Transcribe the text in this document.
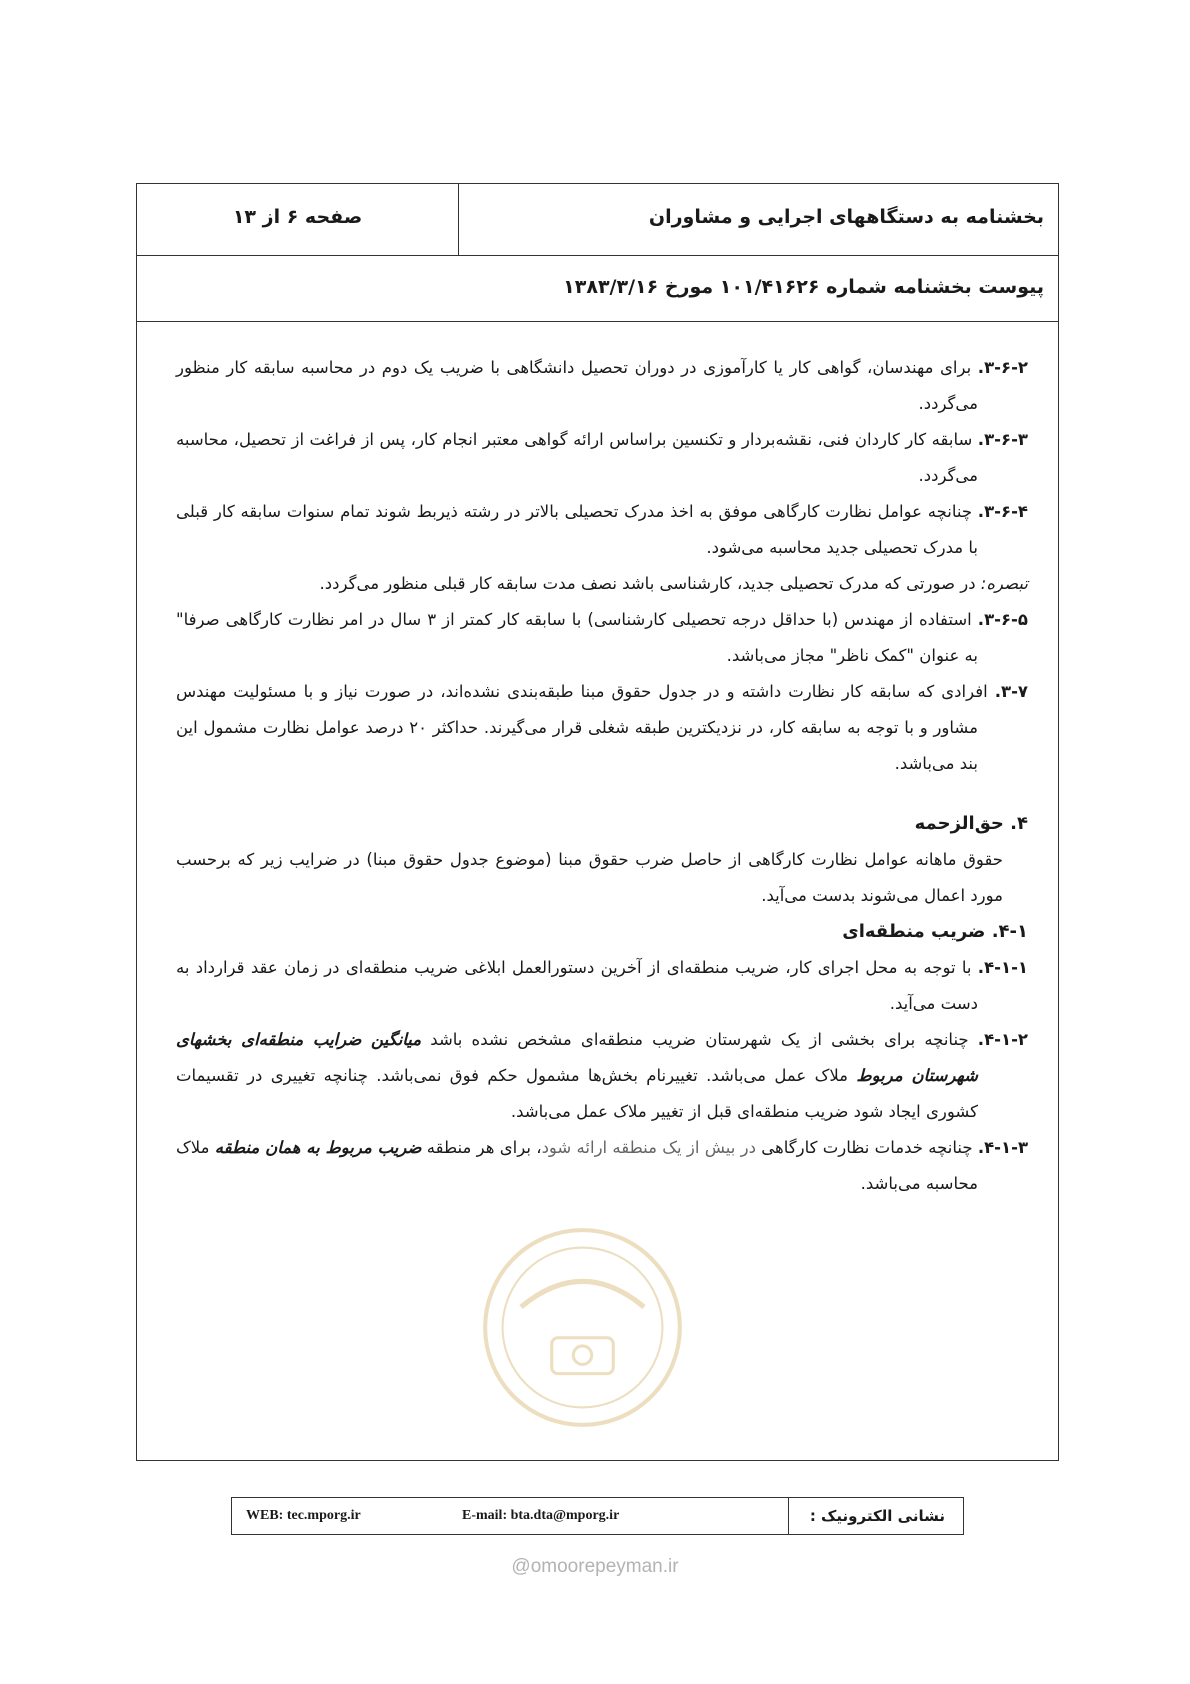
بخشنامه به دستگاههای اجرایی و مشاوران
صفحه ۶ از ۱۳
پیوست بخشنامه شماره ۱۰۱/۴۱۶۲۶ مورخ ۱۳۸۳/۳/۱۶

۳-۶-۲. برای مهندسان، گواهی کار یا کارآموزی در دوران تحصیل دانشگاهی با ضریب یک دوم در محاسبه سابقه کار منظور می‌گردد.

۳-۶-۳. سابقه کار کاردان فنی، نقشه‌بردار و تکنسین براساس ارائه گواهی معتبر انجام کار، پس از فراغت از تحصیل، محاسبه می‌گردد.

۳-۶-۴. چنانچه عوامل نظارت کارگاهی موفق به اخذ مدرک تحصیلی بالاتر در رشته ذیربط شوند تمام سنوات سابقه کار قبلی با مدرک تحصیلی جدید محاسبه می‌شود.

تبصره: در صورتی که مدرک تحصیلی جدید، کارشناسی باشد نصف مدت سابقه کار قبلی منظور می‌گردد.

۳-۶-۵. استفاده از مهندس (با حداقل درجه تحصیلی کارشناسی) با سابقه کار کمتر از ۳ سال در امر نظارت کارگاهی صرفا" به عنوان "کمک ناظر" مجاز می‌باشد.

۳-۷. افرادی که سابقه کار نظارت داشته و در جدول حقوق مبنا طبقه‌بندی نشده‌اند، در صورت نیاز و با مسئولیت مهندس مشاور و با توجه به سابقه کار، در نزدیکترین طبقه شغلی قرار می‌گیرند. حداکثر ۲۰ درصد عوامل نظارت مشمول این بند می‌باشد.

۴. حق‌الزحمه

حقوق ماهانه عوامل نظارت کارگاهی از حاصل ضرب حقوق مبنا (موضوع جدول حقوق مبنا) در ضرایب زیر که برحسب مورد اعمال می‌شوند بدست می‌آید.

۴-۱. ضریب منطقه‌ای

۴-۱-۱. با توجه به محل اجرای کار، ضریب منطقه‌ای از آخرین دستورالعمل ابلاغی ضریب منطقه‌ای در زمان عقد قرارداد به دست می‌آید.

۴-۱-۲. چنانچه برای بخشی از یک شهرستان ضریب منطقه‌ای مشخص نشده باشد میانگین ضرایب منطقه‌ای بخشهای شهرستان مربوط ملاک عمل می‌باشد. تغییرنام بخش‌ها مشمول حکم فوق نمی‌باشد. چنانچه تغییری در تقسیمات کشوری ایجاد شود ضریب منطقه‌ای قبل از تغییر ملاک عمل می‌باشد.

۴-۱-۳. چنانچه خدمات نظارت کارگاهی در بیش از یک منطقه ارائه شود، برای هر منطقه ضریب مربوط به همان منطقه ملاک محاسبه می‌باشد.

نشانی الکترونیک :
WEB: tec.mporg.ir	E-mail: bta.dta@mporg.ir
@omoorepeyman.ir
